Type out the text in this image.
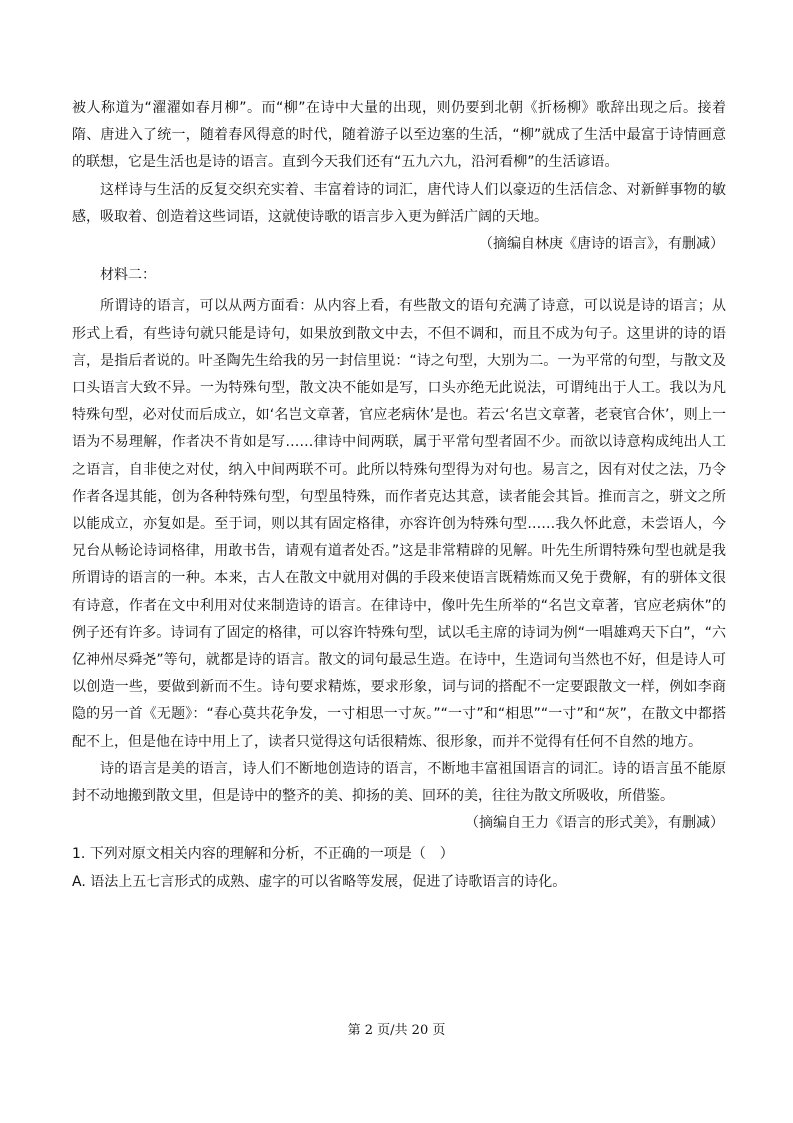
被人称道为“濯濯如春月柳”。而“柳”在诗中大量的出现，则仍要到北朝《折杨柳》歌辞出现之后。接着隋、唐进入了统一，随着春风得意的时代，随着游子以至边塞的生活，“柳”就成了生活中最富于诗情画意的联想，它是生活也是诗的语言。直到今天我们还有“五九六九，沿河看柳”的生活谚语。

这样诗与生活的反复交织充实着、丰富着诗的词汇，唐代诗人们以豪迈的生活信念、对新鲜事物的敏感，吸取着、创造着这些词语，这就使诗歌的语言步入更为鲜活广阔的天地。

（摘编自林庚《唐诗的语言》，有删减）

材料二：

所谓诗的语言，可以从两方面看：从内容上看，有些散文的语句充满了诗意，可以说是诗的语言；从形式上看，有些诗句就只能是诗句，如果放到散文中去，不但不调和，而且不成为句子。这里讲的诗的语言，是指后者说的。叶圣陶先生给我的另一封信里说：“诗之句型，大别为二。一为平常的句型，与散文及口头语言大致不异。一为特殊句型，散文决不能如是写，口头亦绝无此说法，可谓纯出于人工。我以为凡特殊句型，必对仗而后成立，如‘名岂文章著，官应老病休’是也。若云‘名岂文章著，老衰官合休’，则上一语为不易理解，作者决不肯如是写……律诗中间两联，属于平常句型者固不少。而欲以诗意构成纯出人工之语言，自非使之对仗，纳入中间两联不可。此所以特殊句型得为对句也。易言之，因有对仗之法，乃令作者各逞其能，创为各种特殊句型，句型虽特殊，而作者克达其意，读者能会其旨。推而言之，骈文之所以能成立，亦复如是。至于词，则以其有固定格律，亦容许创为特殊句型……我久怀此意，未尝语人，今兄台从畅论诗词格律，用敢书告，请观有道者处否。”这是非常精辟的见解。叶先生所谓特殊句型也就是我所谓诗的语言的一种。本来，古人在散文中就用对偶的手段来使语言既精炼而又免于费解，有的骈体文很有诗意，作者在文中利用对仗来制造诗的语言。在律诗中，像叶先生所举的“名岂文章著，官应老病休”的例子还有许多。诗词有了固定的格律，可以容许特殊句型，试以毛主席的诗词为例“一唱雄鸡天下白”，“六亿神州尽舜尧”等句，就都是诗的语言。散文的词句最忌生造。在诗中，生造词句当然也不好，但是诗人可以创造一些，要做到新而不生。诗句要求精炼，要求形象，词与词的搭配不一定要跟散文一样，例如李商隐的另一首《无题》：“春心莫共花争发，一寸相思一寸灰。”“一寸”和“相思”“一寸”和“灰”，在散文中都搭配不上，但是他在诗中用上了，读者只觉得这句话很精炼、很形象，而并不觉得有任何不自然的地方。

诗的语言是美的语言，诗人们不断地创造诗的语言，不断地丰富祖国语言的词汇。诗的语言虽不能原封不动地搬到散文里，但是诗中的整齐的美、抑扬的美、回环的美，往往为散文所吸收，所借鉴。

（摘编自王力《语言的形式美》，有删减）

1. 下列对原文相关内容的理解和分析，不正确的一项是（　）

A. 语法上五七言形式的成熟、虚字的可以省略等发展，促进了诗歌语言的诗化。

第 2 页/共 20 页
